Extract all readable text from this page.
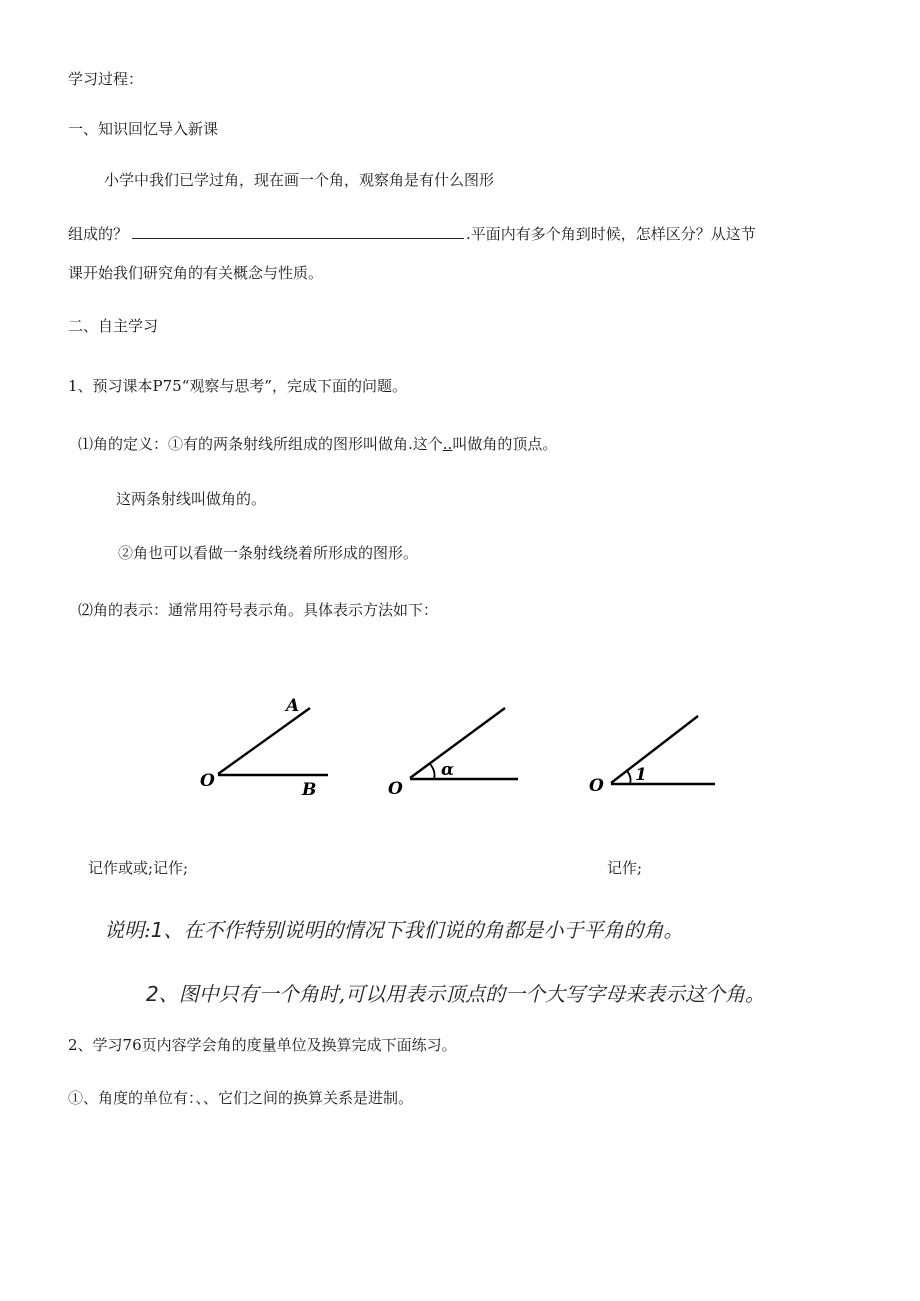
学习过程：
一、知识回忆导入新课
小学中我们已学过角，现在画一个角，观察角是有什么图形
组成的？	.平面内有多个角到时候，怎样区分？从这节
课开始我们研究角的有关概念与性质。
二、自主学习
1、预习课本P75“观察与思考”，完成下面的问题。
⑴角的定义：①有的两条射线所组成的图形叫做角.这个..叫做角的顶点。
这两条射线叫做角的。
②角也可以看做一条射线绕着所形成的图形。
⑵角的表示：通常用符号表示角。具体表示方法如下：
O
A
B	O
α
O
1
记作或或;记作;	记作;
说明:1、在不作特别说明的情况下我们说的角都是小于平角的角。
2、图中只有一个角时,可以用表示顶点的一个大写字母来表示这个角。
2、学习76页内容学会角的度量单位及换算完成下面练习。
①、角度的单位有：、、它们之间的换算关系是进制。
